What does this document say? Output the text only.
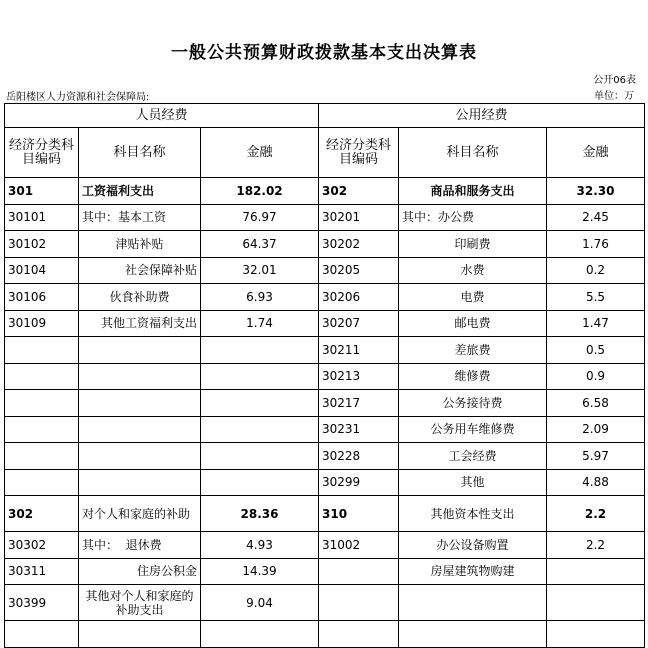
一般公共预算财政拨款基本支出决算表
公开06表
岳阳楼区人力资源和社会保障局:	单位：万
人员经费			公用经费		
经济分类科目编码	科目名称	金融	经济分类科目编码	科目名称	金融
301	工资福利支出	182.02	302	商品和服务支出	32.30
30101	其中：基本工资	76.97	30201	其中：办公费	2.45
30102	津贴补贴	64.37	30202	印刷费	1.76
30104	社会保障补贴	32.01	30205	水费	0.2
30106	伙食补助费	6.93	30206	电费	5.5
30109	其他工资福利支出	1.74	30207	邮电费	1.47
			30211	差旅费	0.5
			30213	维修费	0.9
			30217	公务接待费	6.58
			30231	公务用车维修费	2.09
			30228	工会经费	5.97
			30299	其他	4.88
302	对个人和家庭的补助	28.36	310	其他资本性支出	2.2
30302	其中：  退休费	4.93	31002	办公设备购置	2.2
30311	住房公积金	14.39		房屋建筑物购建	
30399	其他对个人和家庭的补助支出	9.04			
